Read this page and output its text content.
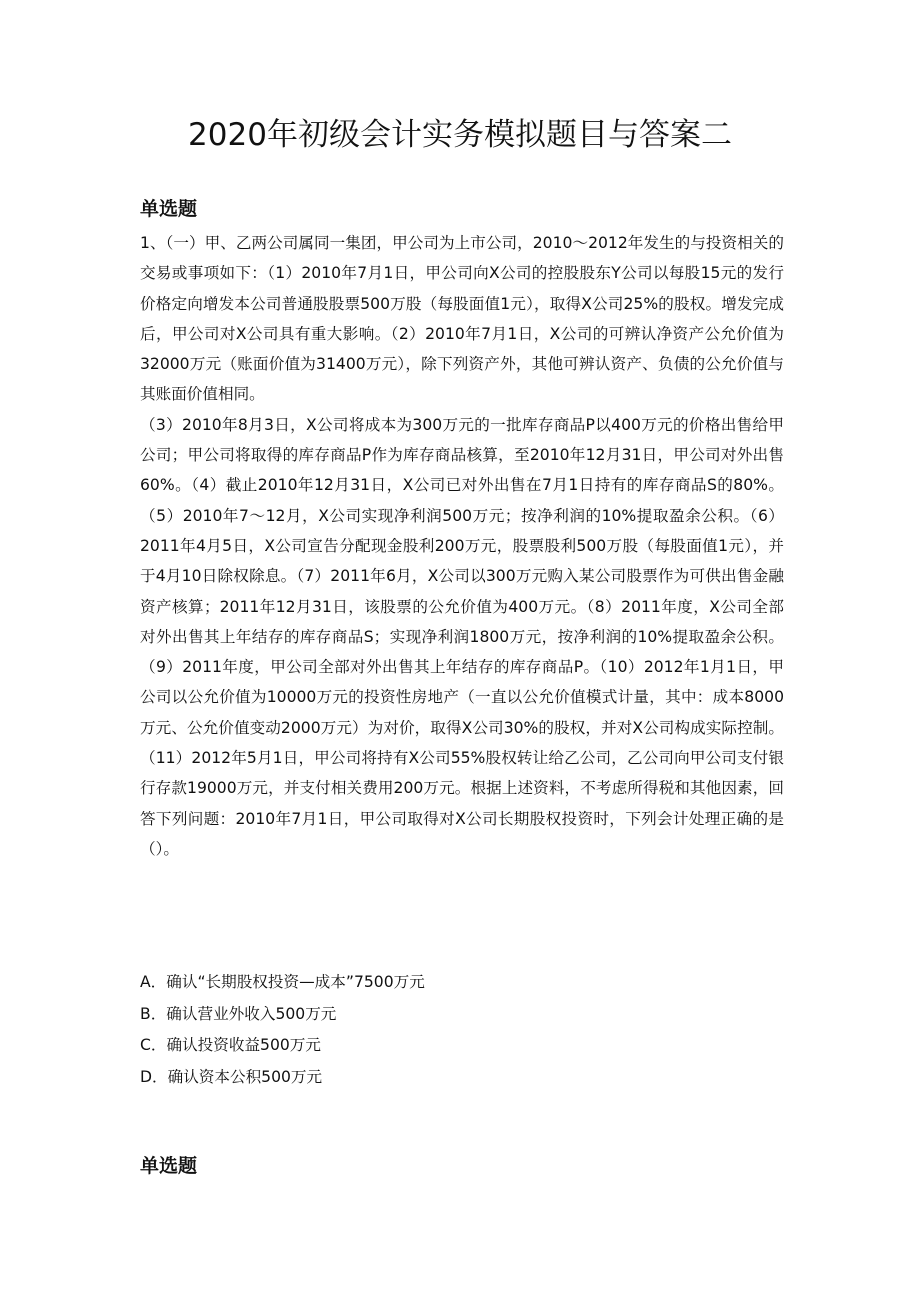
2020年初级会计实务模拟题目与答案二
单选题

1、（一）甲、乙两公司属同一集团，甲公司为上市公司，2010～2012年发生的与投资相关的交易或事项如下：（1）2010年7月1日，甲公司向X公司的控股股东Y公司以每股15元的发行价格定向增发本公司普通股股票500万股（每股面值1元），取得X公司25%的股权。增发完成后，甲公司对X公司具有重大影响。（2）2010年7月1日，X公司的可辨认净资产公允价值为32000万元（账面价值为31400万元），除下列资产外，其他可辨认资产、负债的公允价值与其账面价值相同。

（3）2010年8月3日，X公司将成本为300万元的一批库存商品P以400万元的价格出售给甲公司；甲公司将取得的库存商品P作为库存商品核算，至2010年12月31日，甲公司对外出售60%。（4）截止2010年12月31日，X公司已对外出售在7月1日持有的库存商品S的80%。（5）2010年7～12月，X公司实现净利润500万元；按净利润的10%提取盈余公积。（6）2011年4月5日，X公司宣告分配现金股利200万元，股票股利500万股（每股面值1元），并于4月10日除权除息。（7）2011年6月，X公司以300万元购入某公司股票作为可供出售金融资产核算；2011年12月31日，该股票的公允价值为400万元。（8）2011年度，X公司全部对外出售其上年结存的库存商品S；实现净利润1800万元，按净利润的10%提取盈余公积。（9）2011年度，甲公司全部对外出售其上年结存的库存商品P。（10）2012年1月1日，甲公司以公允价值为10000万元的投资性房地产（一直以公允价值模式计量，其中：成本8000万元、公允价值变动2000万元）为对价，取得X公司30%的股权，并对X公司构成实际控制。（11）2012年5月1日，甲公司将持有X公司55%股权转让给乙公司，乙公司向甲公司支付银行存款19000万元，并支付相关费用200万元。根据上述资料，不考虑所得税和其他因素，回答下列问题：2010年7月1日，甲公司取得对X公司长期股权投资时，下列会计处理正确的是（）。

A．确认“长期股权投资—成本”7500万元
B．确认营业外收入500万元
C．确认投资收益500万元
D．确认资本公积500万元
单选题
